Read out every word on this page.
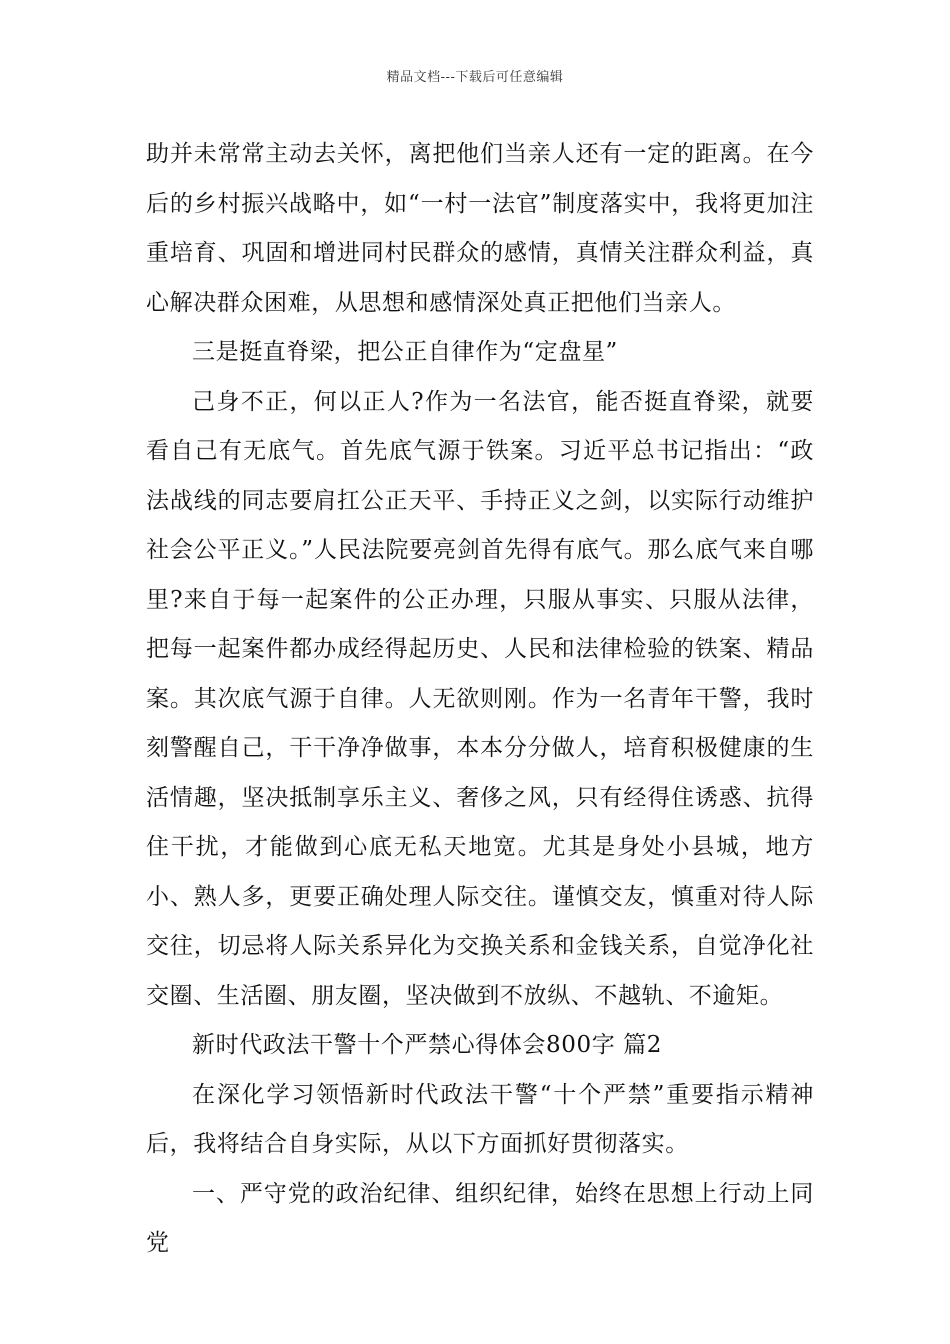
精品文档---下载后可任意编辑

助并未常常主动去关怀，离把他们当亲人还有一定的距离。在今后的乡村振兴战略中，如“一村一法官”制度落实中，我将更加注重培育、巩固和增进同村民群众的感情，真情关注群众利益，真心解决群众困难，从思想和感情深处真正把他们当亲人。

三是挺直脊梁，把公正自律作为“定盘星”

己身不正，何以正人?作为一名法官，能否挺直脊梁，就要看自己有无底气。首先底气源于铁案。习近平总书记指出：“政法战线的同志要肩扛公正天平、手持正义之剑，以实际行动维护社会公平正义。”人民法院要亮剑首先得有底气。那么底气来自哪里?来自于每一起案件的公正办理，只服从事实、只服从法律，把每一起案件都办成经得起历史、人民和法律检验的铁案、精品案。其次底气源于自律。人无欲则刚。作为一名青年干警，我时刻警醒自己，干干净净做事，本本分分做人，培育积极健康的生活情趣，坚决抵制享乐主义、奢侈之风，只有经得住诱惑、抗得住干扰，才能做到心底无私天地宽。尤其是身处小县城，地方小、熟人多，更要正确处理人际交往。谨慎交友，慎重对待人际交往，切忌将人际关系异化为交换关系和金钱关系，自觉净化社交圈、生活圈、朋友圈，坚决做到不放纵、不越轨、不逾矩。

新时代政法干警十个严禁心得体会800字 篇2

在深化学习领悟新时代政法干警“十个严禁”重要指示精神后，我将结合自身实际，从以下方面抓好贯彻落实。

一、严守党的政治纪律、组织纪律，始终在思想上行动上同党
